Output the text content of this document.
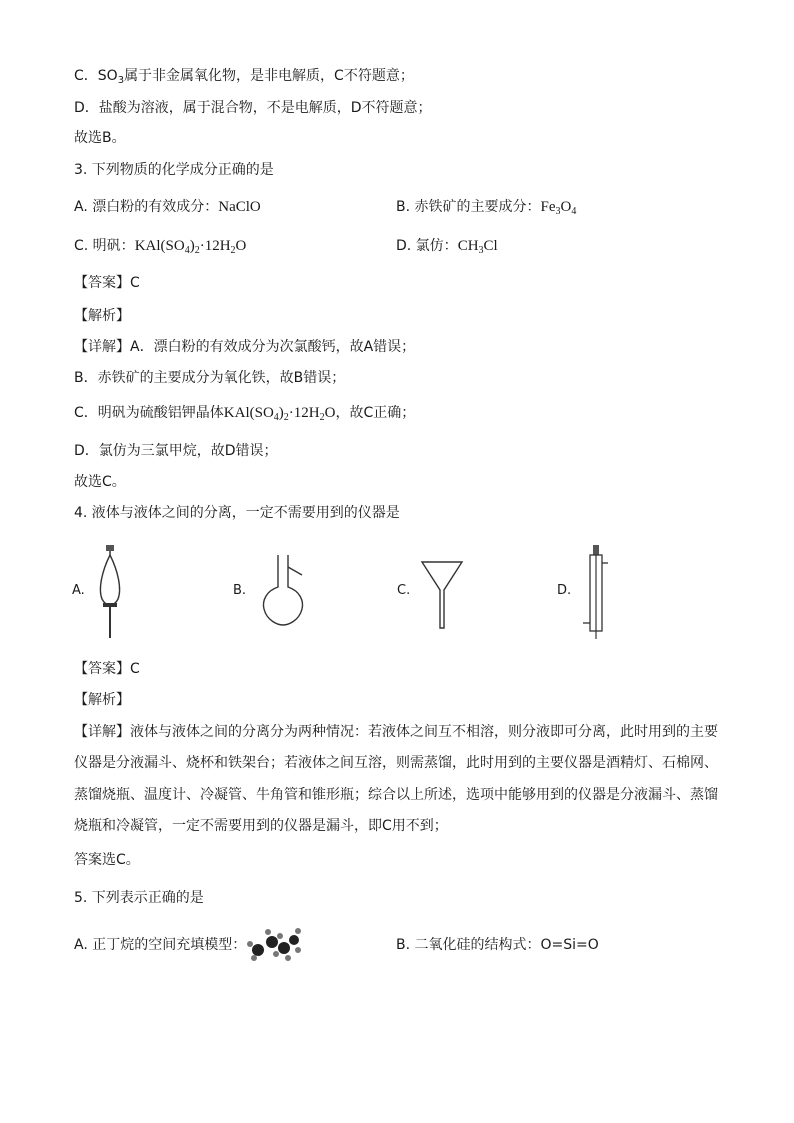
C．$SO_3$属于非金属氧化物，是非电解质，C不符题意；
D．盐酸为溶液，属于混合物，不是电解质，D不符题意；
故选B。
3. 下列物质的化学成分正确的是
A. 漂白粉的有效成分：NaClO	B. 赤铁矿的主要成分：$Fe_3O_4$
C. 明矾：$KAl(SO_4)_2\cdot 12H_2O$	D. 氯仿：$CH_3Cl$
【答案】C
【解析】
【详解】A．漂白粉的有效成分为次氯酸钙，故A错误；
B．赤铁矿的主要成分为氧化铁，故B错误；
C．明矾为硫酸铝钾晶体$KAl(SO_4)_2\cdot 12H_2O$，故C正确；
D．氯仿为三氯甲烷，故D错误；
故选C。
4. 液体与液体之间的分离，一定不需要用到的仪器是
A.	B.	C.	D.
【答案】C
【解析】
【详解】液体与液体之间的分离分为两种情况：若液体之间互不相溶，则分液即可分离，此时用到的主要
仪器是分液漏斗、烧杯和铁架台；若液体之间互溶，则需蒸馏，此时用到的主要仪器是酒精灯、石棉网、
蒸馏烧瓶、温度计、冷凝管、牛角管和锥形瓶；综合以上所述，选项中能够用到的仪器是分液漏斗、蒸馏
烧瓶和冷凝管，一定不需要用到的仪器是漏斗，即C用不到；
答案选C。
5. 下列表示正确的是
A. 正丁烷的空间充填模型：	B. 二氧化硅的结构式：O=Si=O
